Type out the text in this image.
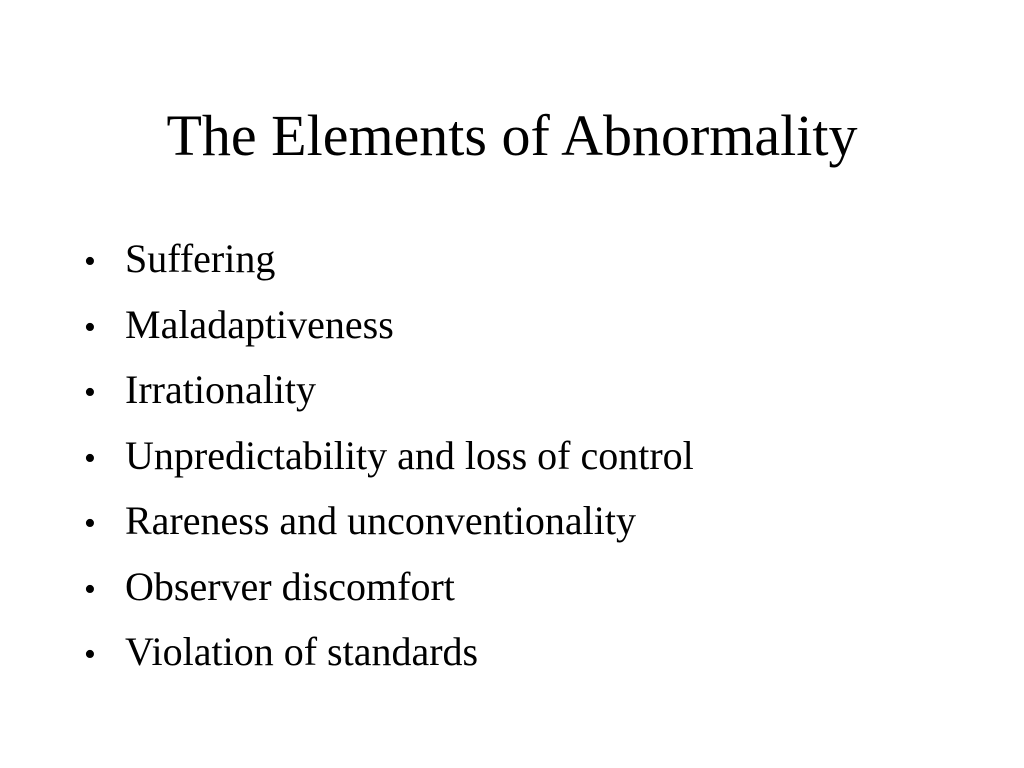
The Elements of Abnormality
• Suffering
• Maladaptiveness
• Irrationality
• Unpredictability and loss of control
• Rareness and unconventionality
• Observer discomfort
• Violation of standards
